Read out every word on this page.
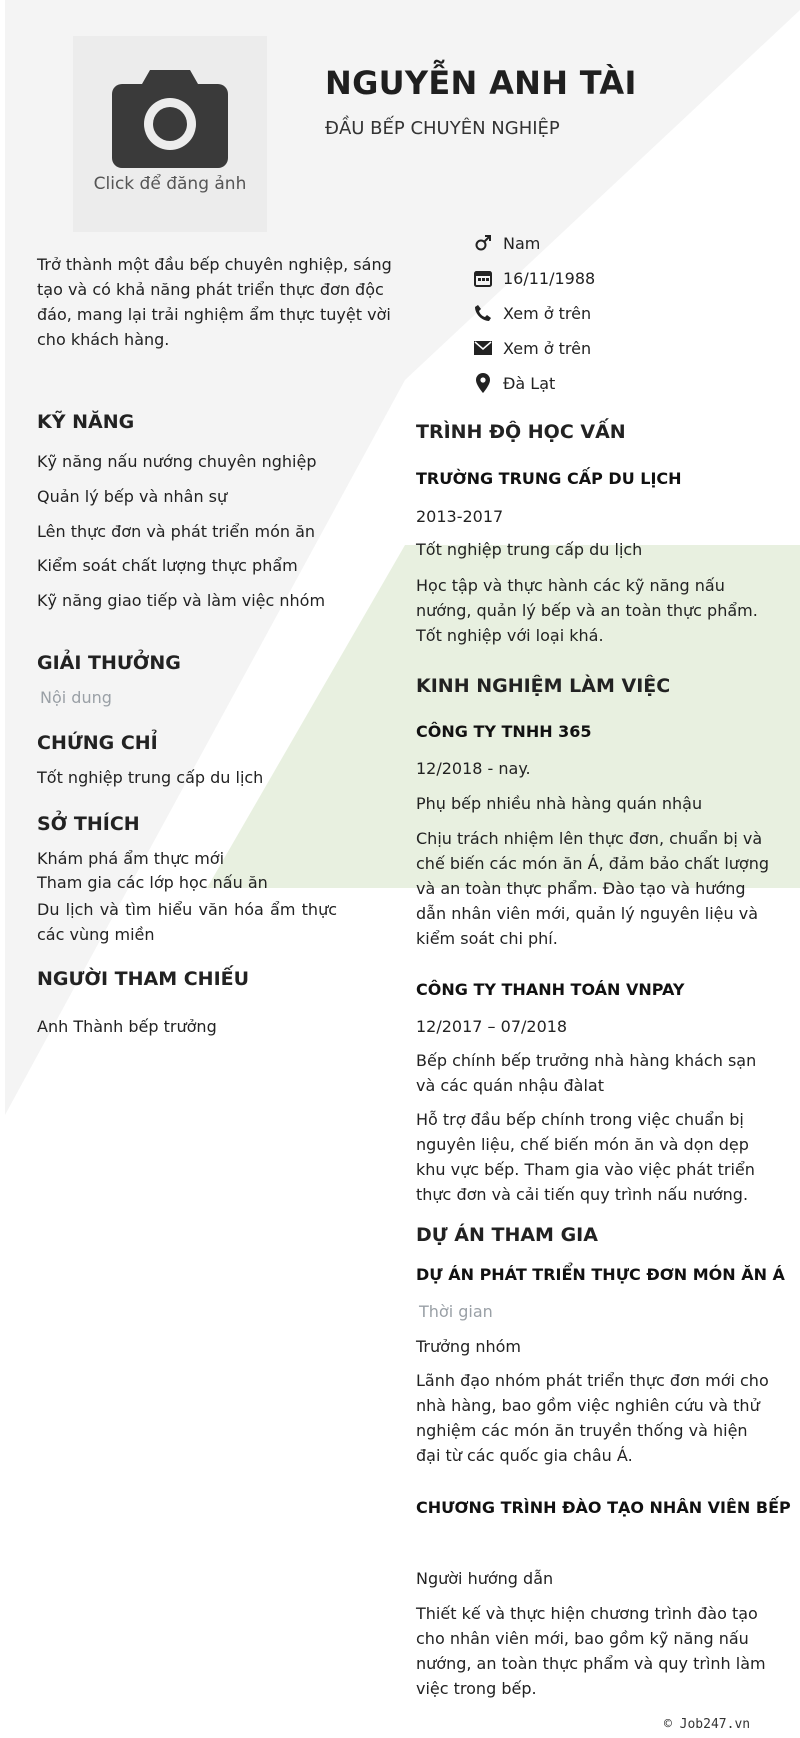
Click để đăng ảnh
NGUYỄN ANH TÀI
ĐẦU BẾP CHUYÊN NGHIỆP
Trở thành một đầu bếp chuyên nghiệp, sáng tạo và có khả năng phát triển thực đơn độc đáo, mang lại trải nghiệm ẩm thực tuyệt vời cho khách hàng.
Nam
16/11/1988
Xem ở trên
Xem ở trên
Đà Lạt
KỸ NĂNG
Kỹ năng nấu nướng chuyên nghiệp
Quản lý bếp và nhân sự
Lên thực đơn và phát triển món ăn
Kiểm soát chất lượng thực phẩm
Kỹ năng giao tiếp và làm việc nhóm
GIẢI THƯỞNG
Nội dung
CHỨNG CHỈ
Tốt nghiệp trung cấp du lịch
SỞ THÍCH
Khám phá ẩm thực mới
Tham gia các lớp học nấu ăn
Du lịch và tìm hiểu văn hóa ẩm thực các vùng miền
NGƯỜI THAM CHIẾU
Anh Thành bếp trưởng
TRÌNH ĐỘ HỌC VẤN
TRƯỜNG TRUNG CẤP DU LỊCH
2013-2017
Tốt nghiệp trung cấp du lịch
Học tập và thực hành các kỹ năng nấu nướng, quản lý bếp và an toàn thực phẩm. Tốt nghiệp với loại khá.
KINH NGHIỆM LÀM VIỆC
CÔNG TY TNHH 365
12/2018 - nay.
Phụ bếp nhiều nhà hàng quán nhậu
Chịu trách nhiệm lên thực đơn, chuẩn bị và chế biến các món ăn Á, đảm bảo chất lượng và an toàn thực phẩm. Đào tạo và hướng dẫn nhân viên mới, quản lý nguyên liệu và kiểm soát chi phí.
CÔNG TY THANH TOÁN VNPAY
12/2017 – 07/2018
Bếp chính bếp trưởng nhà hàng khách sạn và các quán nhậu đàlat
Hỗ trợ đầu bếp chính trong việc chuẩn bị nguyên liệu, chế biến món ăn và dọn dẹp khu vực bếp. Tham gia vào việc phát triển thực đơn và cải tiến quy trình nấu nướng.
DỰ ÁN THAM GIA
DỰ ÁN PHÁT TRIỂN THỰC ĐƠN MÓN ĂN Á
Thời gian
Trưởng nhóm
Lãnh đạo nhóm phát triển thực đơn mới cho nhà hàng, bao gồm việc nghiên cứu và thử nghiệm các món ăn truyền thống và hiện đại từ các quốc gia châu Á.
CHƯƠNG TRÌNH ĐÀO TẠO NHÂN VIÊN BẾP
Người hướng dẫn
Thiết kế và thực hiện chương trình đào tạo cho nhân viên mới, bao gồm kỹ năng nấu nướng, an toàn thực phẩm và quy trình làm việc trong bếp.
© Job247.vn
